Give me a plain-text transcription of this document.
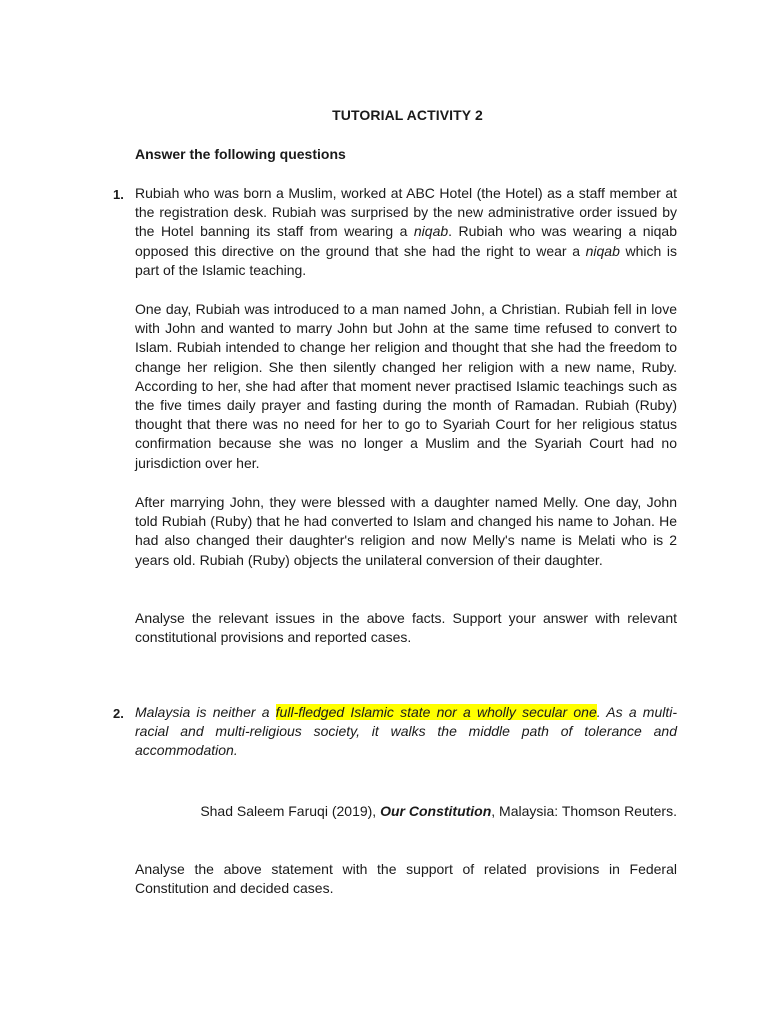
TUTORIAL ACTIVITY 2
Answer the following questions
1. Rubiah who was born a Muslim, worked at ABC Hotel (the Hotel) as a staff member at the registration desk. Rubiah was surprised by the new administrative order issued by the Hotel banning its staff from wearing a niqab. Rubiah who was wearing a niqab opposed this directive on the ground that she had the right to wear a niqab which is part of the Islamic teaching.

One day, Rubiah was introduced to a man named John, a Christian. Rubiah fell in love with John and wanted to marry John but John at the same time refused to convert to Islam. Rubiah intended to change her religion and thought that she had the freedom to change her religion. She then silently changed her religion with a new name, Ruby. According to her, she had after that moment never practised Islamic teachings such as the five times daily prayer and fasting during the month of Ramadan. Rubiah (Ruby) thought that there was no need for her to go to Syariah Court for her religious status confirmation because she was no longer a Muslim and the Syariah Court had no jurisdiction over her.

After marrying John, they were blessed with a daughter named Melly. One day, John told Rubiah (Ruby) that he had converted to Islam and changed his name to Johan. He had also changed their daughter's religion and now Melly's name is Melati who is 2 years old. Rubiah (Ruby) objects the unilateral conversion of their daughter.

Analyse the relevant issues in the above facts. Support your answer with relevant constitutional provisions and reported cases.

2. Malaysia is neither a full-fledged Islamic state nor a wholly secular one. As a multi-racial and multi-religious society, it walks the middle path of tolerance and accommodation.

Shad Saleem Faruqi (2019), Our Constitution, Malaysia: Thomson Reuters.

Analyse the above statement with the support of related provisions in Federal Constitution and decided cases.
